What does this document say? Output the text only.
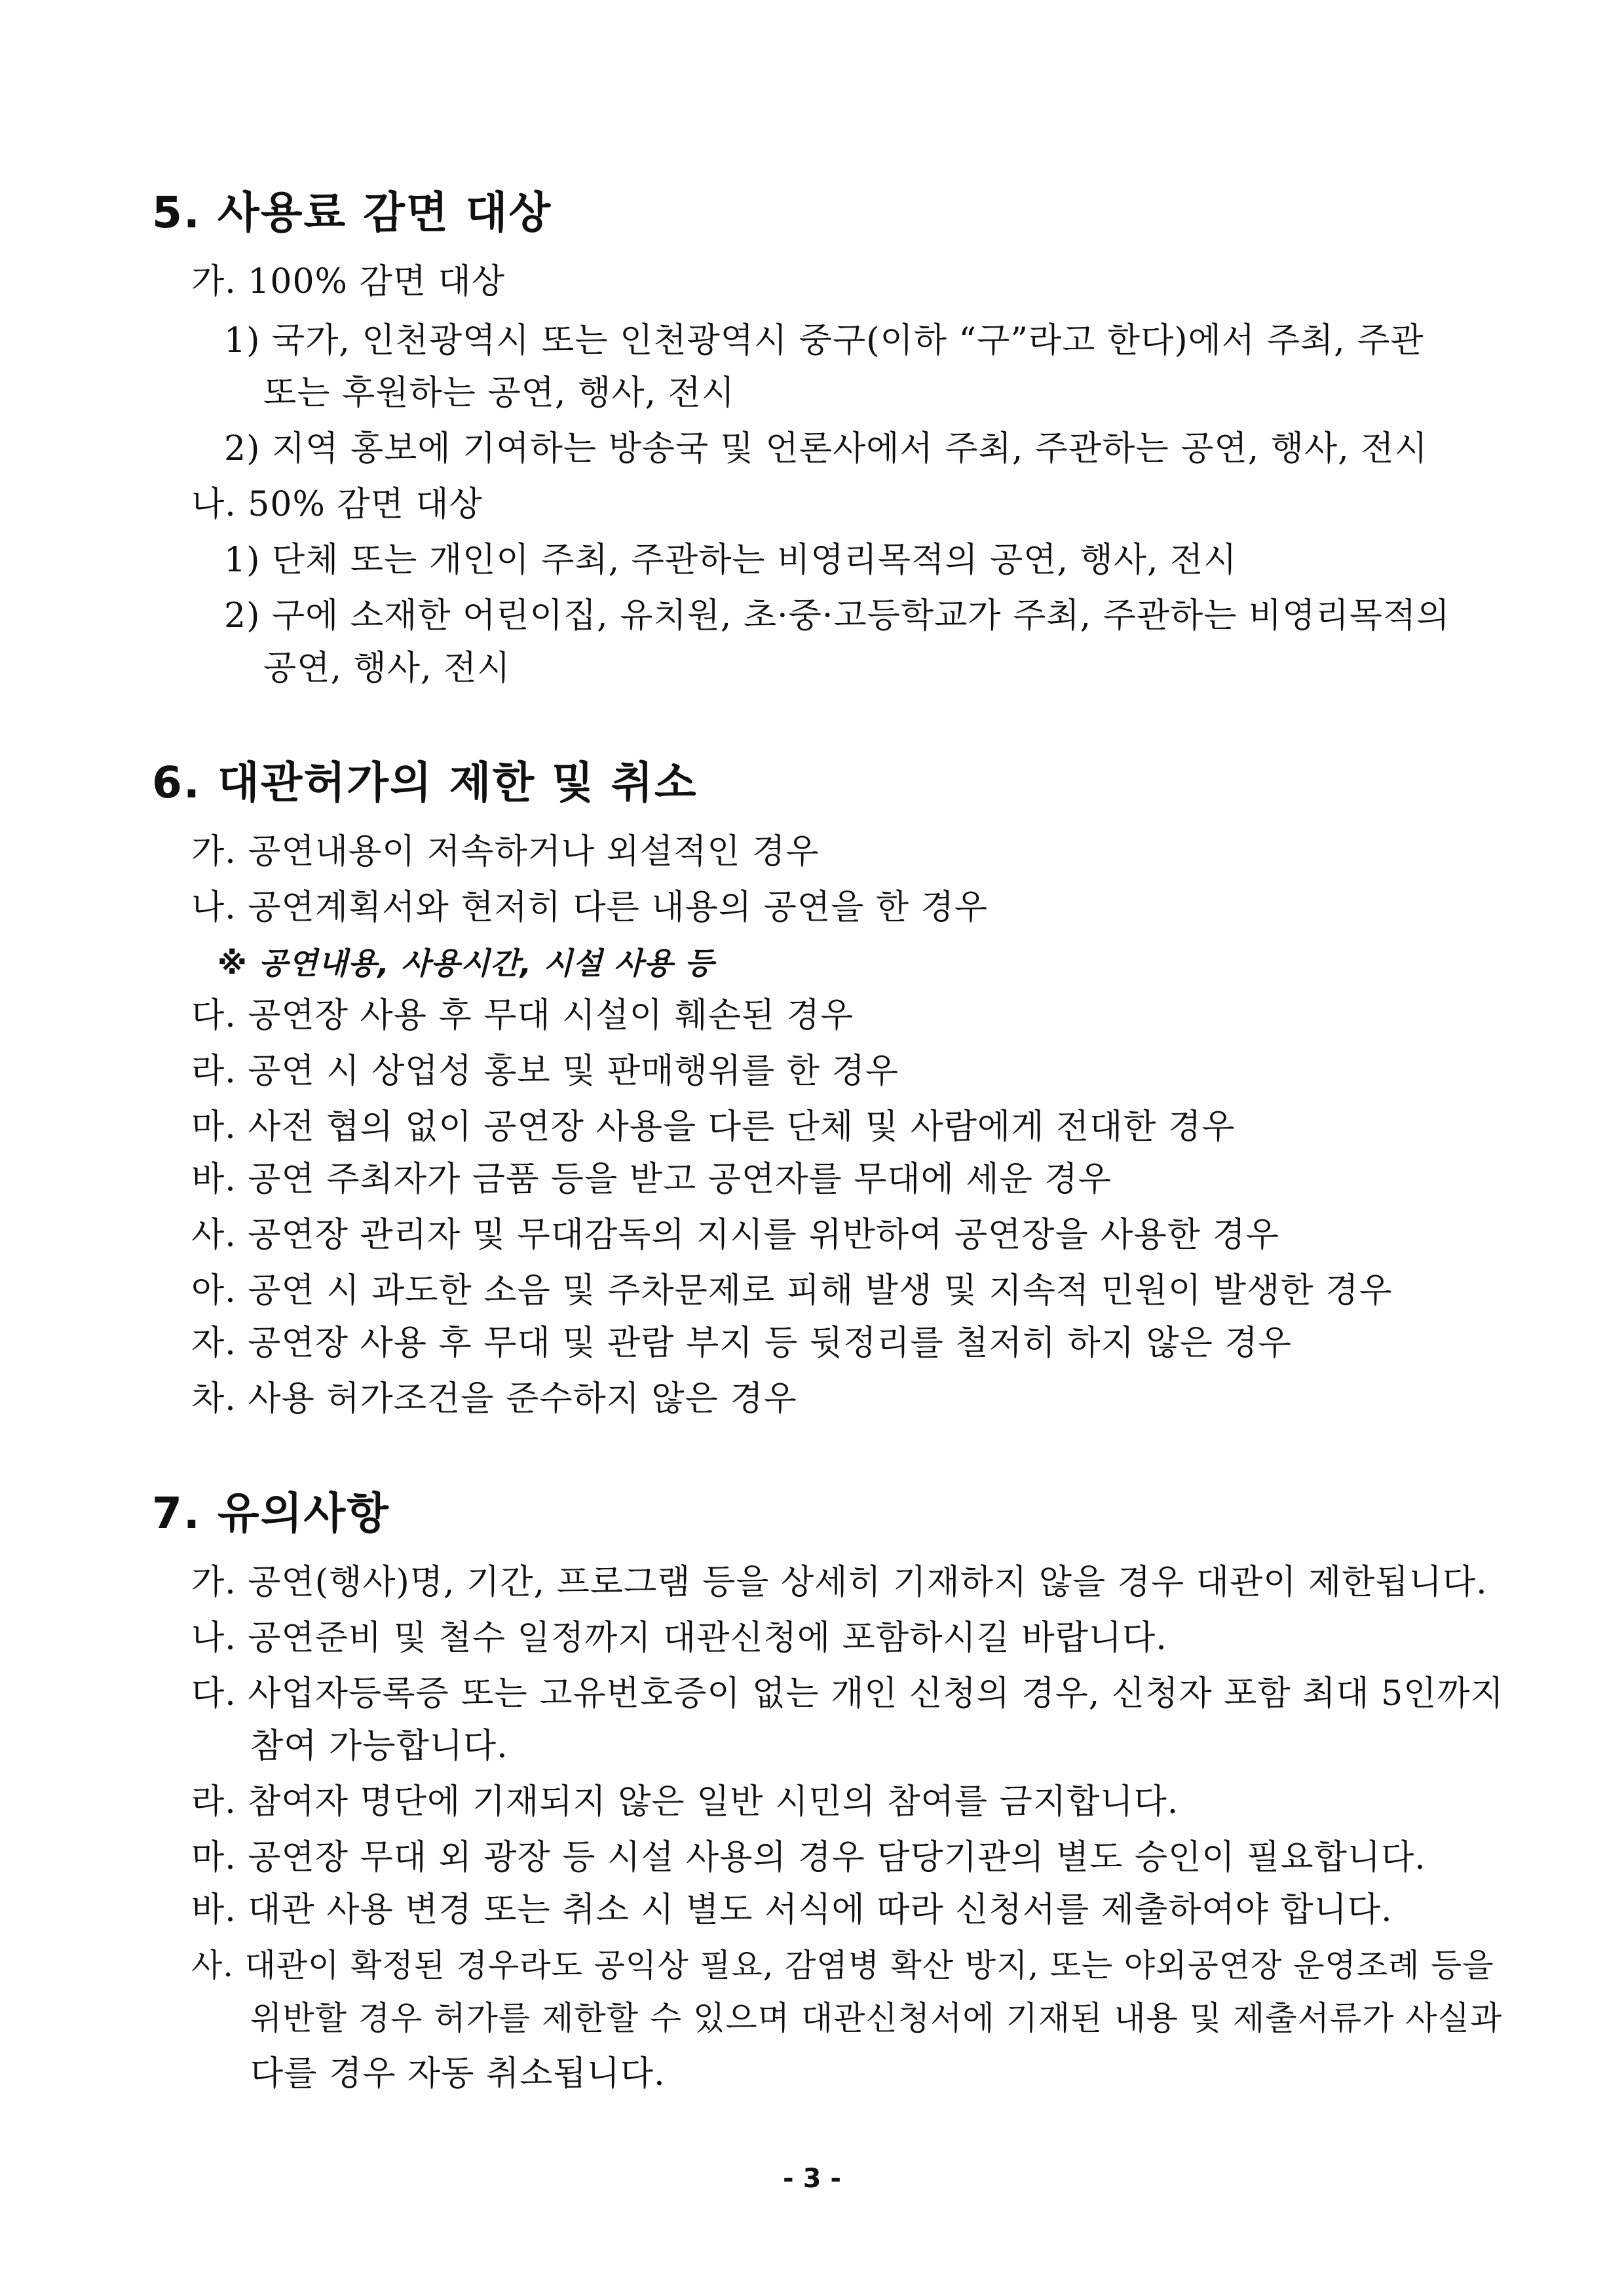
5. 사용료 감면 대상
가. 100% 감면 대상
1) 국가, 인천광역시 또는 인천광역시 중구(이하 “구”라고 한다)에서 주최, 주관
또는 후원하는 공연, 행사, 전시
2) 지역 홍보에 기여하는 방송국 및 언론사에서 주최, 주관하는 공연, 행사, 전시
나. 50% 감면 대상
1) 단체 또는 개인이 주최, 주관하는 비영리목적의 공연, 행사, 전시
2) 구에 소재한 어린이집, 유치원, 초·중·고등학교가 주최, 주관하는 비영리목적의
공연, 행사, 전시
6. 대관허가의 제한 및 취소
가. 공연내용이 저속하거나 외설적인 경우
나. 공연계획서와 현저히 다른 내용의 공연을 한 경우
※ 공연내용, 사용시간, 시설 사용 등
다. 공연장 사용 후 무대 시설이 훼손된 경우
라. 공연 시 상업성 홍보 및 판매행위를 한 경우
마. 사전 협의 없이 공연장 사용을 다른 단체 및 사람에게 전대한 경우
바. 공연 주최자가 금품 등을 받고 공연자를 무대에 세운 경우
사. 공연장 관리자 및 무대감독의 지시를 위반하여 공연장을 사용한 경우
아. 공연 시 과도한 소음 및 주차문제로 피해 발생 및 지속적 민원이 발생한 경우
자. 공연장 사용 후 무대 및 관람 부지 등 뒷정리를 철저히 하지 않은 경우
차. 사용 허가조건을 준수하지 않은 경우
7. 유의사항
가. 공연(행사)명, 기간, 프로그램 등을 상세히 기재하지 않을 경우 대관이 제한됩니다.
나. 공연준비 및 철수 일정까지 대관신청에 포함하시길 바랍니다.
다. 사업자등록증 또는 고유번호증이 없는 개인 신청의 경우, 신청자 포함 최대 5인까지
참여 가능합니다.
라. 참여자 명단에 기재되지 않은 일반 시민의 참여를 금지합니다.
마. 공연장 무대 외 광장 등 시설 사용의 경우 담당기관의 별도 승인이 필요합니다.
바. 대관 사용 변경 또는 취소 시 별도 서식에 따라 신청서를 제출하여야 합니다.
사. 대관이 확정된 경우라도 공익상 필요, 감염병 확산 방지, 또는 야외공연장 운영조례 등을
위반할 경우 허가를 제한할 수 있으며 대관신청서에 기재된 내용 및 제출서류가 사실과
다를 경우 자동 취소됩니다.
- 3 -
